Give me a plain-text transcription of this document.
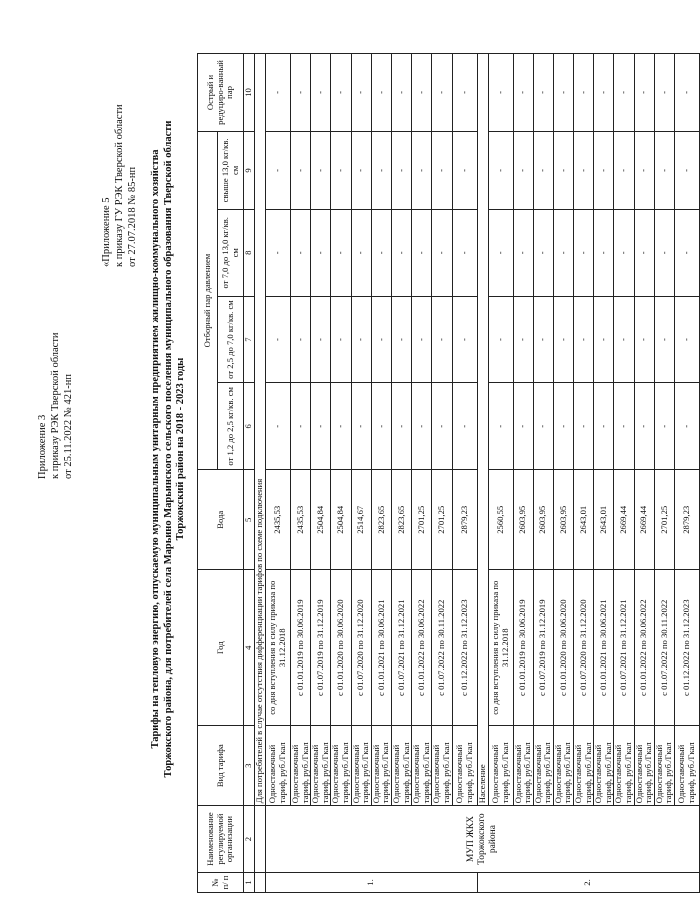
Приложение 3 к приказу РЭК Тверской области от 25.11.2022 № 421-нп
«Приложение 5 к приказу ГУ РЭК Тверской области от 27.07.2018 № 85-нп Тарифы на тепловую энергию, отпускаемую муниципальным унитарным предприятием жилищно-коммунального хозяйства Торжокского района, для потребителей села Марьино Марьинского сельского поселения муниципального образования Тверской области Торжокский район на 2018 - 2023 годы
№ п/ п	Наименование регулируемой организации	Вид тарифа	Год	Вода	Отборный пар давлением				Острый и редуциро-ванный пар
					от 1,2 до 2,5 кг/кв. см	от 2,5 до 7,0 кг/кв. см	от 7,0 до 13,0 кг/кв. см	свыше 13,0 кг/кв. см	
1	2	3	4	5	6	7	8	9	10
		Для потребителей в случае отсутствия дифференциации тарифов по схеме подключения							
1.	МУП ЖКХ Торжокского района	Одноставочный тариф, руб./Гкал	со дня вступления в силу приказа по 31.12.2018	2435,53	-	-	-	-	-
		Одноставочный тариф, руб./Гкал	с 01.01.2019 по 30.06.2019	2435,53	-	-	-	-	-
		Одноставочный тариф, руб./Гкал	с 01.07.2019 по 31.12.2019	2504,84	-	-	-	-	-
		Одноставочный тариф, руб./Гкал	с 01.01.2020 по 30.06.2020	2504,84	-	-	-	-	-
		Одноставочный тариф, руб./Гкал	с 01.07.2020 по 31.12.2020	2514,67	-	-	-	-	-
		Одноставочный тариф, руб./Гкал	с 01.01.2021 по 30.06.2021	2823,65	-	-	-	-	-
		Одноставочный тариф, руб./Гкал	с 01.07.2021 по 31.12.2021	2823,65	-	-	-	-	-
		Одноставочный тариф, руб./Гкал	с 01.01.2022 по 30.06.2022	2701,25	-	-	-	-	-
		Одноставочный тариф, руб./Гкал	с 01.07.2022 по 30.11.2022	2701,25	-	-	-	-	-
		Одноставочный тариф, руб./Гкал	с 01.12.2022 по 31.12.2023	2879,23	-	-	-	-	-
2.		Население							
		Одноставочный тариф, руб./Гкал	со дня вступления в силу приказа по 31.12.2018	2560,55	-	-	-	-	-
		Одноставочный тариф, руб./Гкал	с 01.01.2019 по 30.06.2019	2603,95	-	-	-	-	-
		Одноставочный тариф, руб./Гкал	с 01.07.2019 по 31.12.2019	2603,95	-	-	-	-	-
		Одноставочный тариф, руб./Гкал	с 01.01.2020 по 30.06.2020	2603,95	-	-	-	-	-
		Одноставочный тариф, руб./Гкал	с 01.07.2020 по 31.12.2020	2643,01	-	-	-	-	-
		Одноставочный тариф, руб./Гкал	с 01.01.2021 по 30.06.2021	2643,01	-	-	-	-	-
		Одноставочный тариф, руб./Гкал	с 01.07.2021 по 31.12.2021	2669,44	-	-	-	-	-
		Одноставочный тариф, руб./Гкал	с 01.01.2022 по 30.06.2022	2669,44	-	-	-	-	-
		Одноставочный тариф, руб./Гкал	с 01.07.2022 по 30.11.2022	2701,25	-	-	-	-	-
		Одноставочный тариф, руб./Гкал	с 01.12.2022 по 31.12.2023	2879,23	-	-	-	-	-
